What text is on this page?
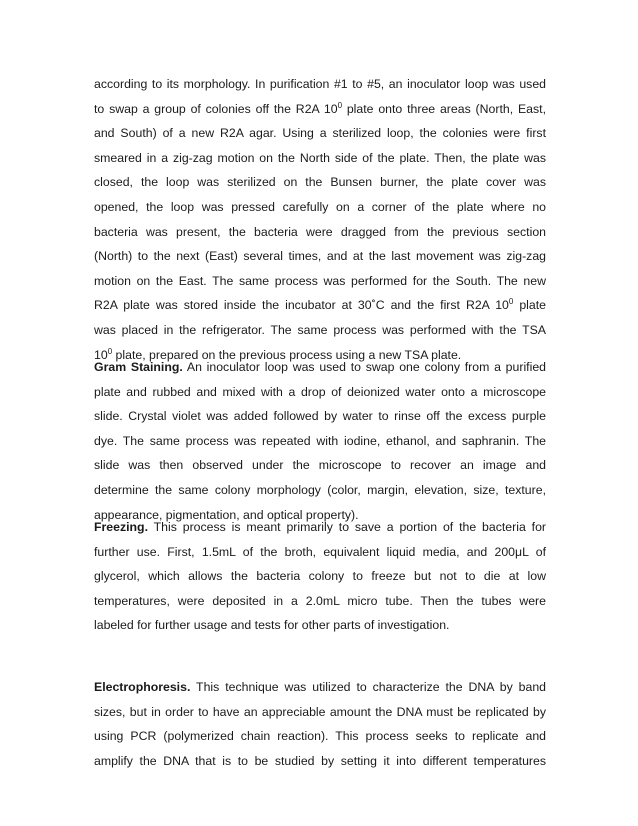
according to its morphology. In purification #1 to #5, an inoculator loop was used
to swap a group of colonies off the R2A $10^0$ plate onto three areas (North, East,
and South) of a new R2A agar. Using a sterilized loop, the colonies were first
smeared in a zig-zag motion on the North side of the plate. Then, the plate was
closed, the loop was sterilized on the Bunsen burner, the plate cover was
opened, the loop was pressed carefully on a corner of the plate where no
bacteria was present, the bacteria were dragged from the previous section
(North) to the next (East) several times, and at the last movement was zig-zag
motion on the East. The same process was performed for the South. The new
R2A plate was stored inside the incubator at 30˚C and the first R2A $10^0$ plate
was placed in the refrigerator. The same process was performed with the TSA
$10^0$ plate, prepared on the previous process using a new TSA plate.
Gram Staining. An inoculator loop was used to swap one colony from a purified
plate and rubbed and mixed with a drop of deionized water onto a microscope
slide. Crystal violet was added followed by water to rinse off the excess purple
dye. The same process was repeated with iodine, ethanol, and saphranin. The
slide was then observed under the microscope to recover an image and
determine the same colony morphology (color, margin, elevation, size, texture,
appearance, pigmentation, and optical property).
Freezing. This process is meant primarily to save a portion of the bacteria for
further use. First, 1.5mL of the broth, equivalent liquid media, and 200μL of
glycerol, which allows the bacteria colony to freeze but not to die at low
temperatures, were deposited in a 2.0mL micro tube. Then the tubes were
labeled for further usage and tests for other parts of investigation.
Electrophoresis. This technique was utilized to characterize the DNA by band
sizes, but in order to have an appreciable amount the DNA must be replicated by
using PCR (polymerized chain reaction). This process seeks to replicate and
amplify the DNA that is to be studied by setting it into different temperatures
